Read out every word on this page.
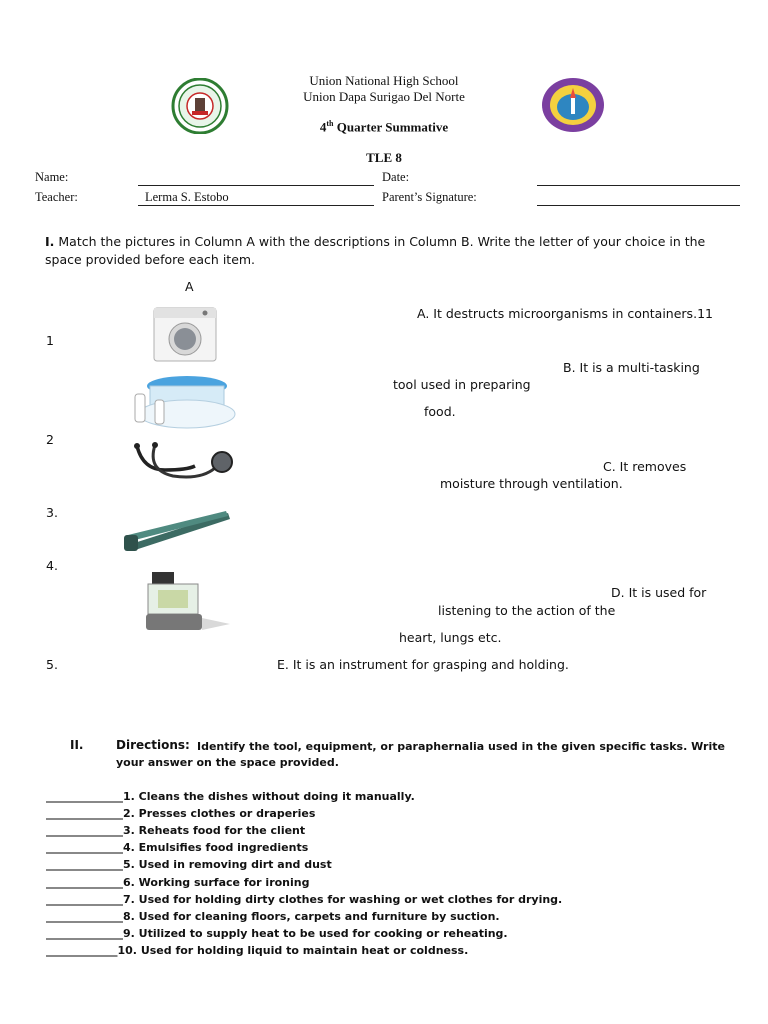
Union National High School
Union Dapa Surigao Del Norte
4th Quarter Summative
TLE 8
Name:	Date:
Teacher:	Lerma S. Estobo	Parent’s Signature:
I. Match the pictures in Column A with the descriptions in Column B. Write the letter of your choice in the space provided before each item.
A
1
2
3.
4.
5.
A. It destructs microorganisms in containers.11
B. It is a multi-tasking
tool used in preparing
food.
C. It removes
moisture through ventilation.
D. It is used for
listening to the action of the
heart, lungs etc.
E. It is an instrument for grasping and holding.
II.	Directions: Identify the tool, equipment, or paraphernalia used in the given specific tasks. Write
your answer on the space provided.
______________1. Cleans the dishes without doing it manually.
______________2. Presses clothes or draperies
______________3. Reheats food for the client
______________4. Emulsifies food ingredients
______________5. Used in removing dirt and dust
______________6. Working surface for ironing
______________7. Used for holding dirty clothes for washing or wet clothes for drying.
______________8. Used for cleaning floors, carpets and furniture by suction.
______________9. Utilized to supply heat to be used for cooking or reheating.
_____________10. Used for holding liquid to maintain heat or coldness.
